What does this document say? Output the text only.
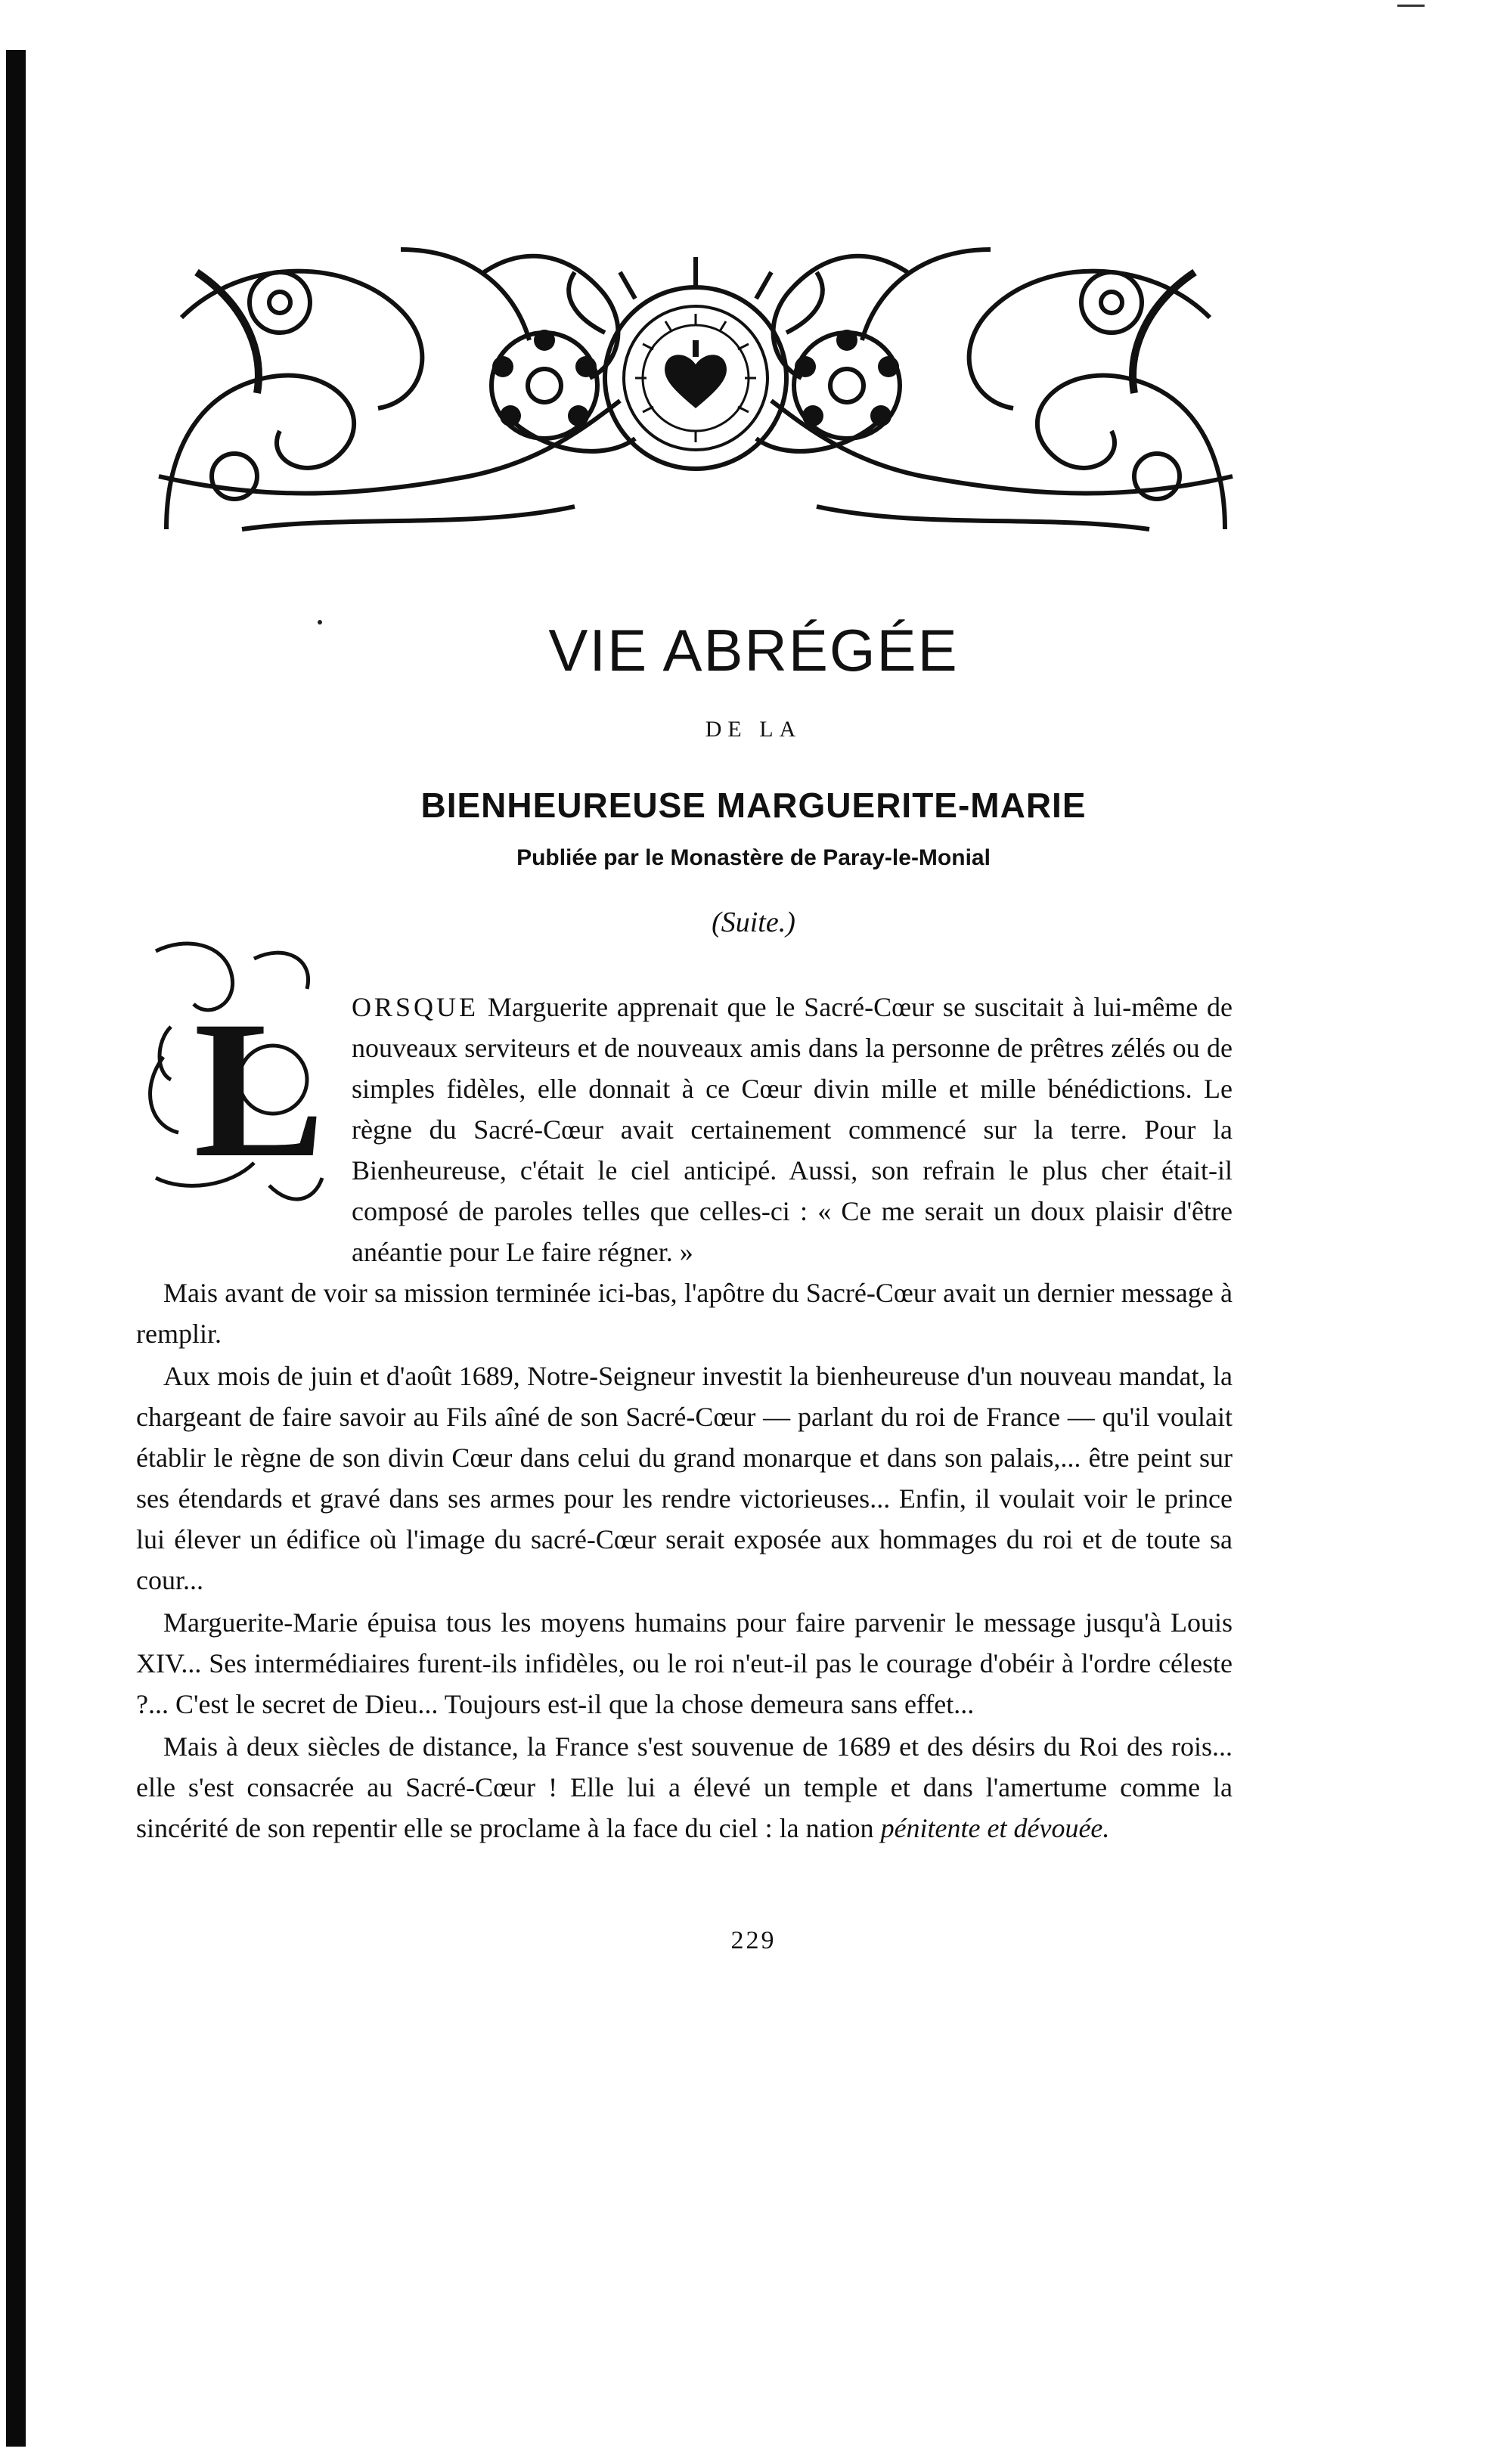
VIE ABRÉGÉE
DE LA
BIENHEUREUSE MARGUERITE-MARIE
Publiée par le Monastère de Paray-le-Monial
(Suite.)
L ORSQUE Marguerite apprenait que le Sacré-Cœur se suscitait à lui-même de nouveaux serviteurs et de nouveaux amis dans la personne de prêtres zélés ou de simples fidèles, elle donnait à ce Cœur divin mille et mille bénédictions. Le règne du Sacré-Cœur avait certainement commencé sur la terre. Pour la Bienheureuse, c'était le ciel anticipé. Aussi, son refrain le plus cher était-il composé de paroles telles que celles-ci : « Ce me serait un doux plaisir d'être anéantie pour Le faire régner. »

Mais avant de voir sa mission terminée ici-bas, l'apôtre du Sacré-Cœur avait un dernier message à remplir.

Aux mois de juin et d'août 1689, Notre-Seigneur investit la bienheureuse d'un nouveau mandat, la chargeant de faire savoir au Fils aîné de son Sacré-Cœur — parlant du roi de France — qu'il voulait établir le règne de son divin Cœur dans celui du grand monarque et dans son palais,... être peint sur ses étendards et gravé dans ses armes pour les rendre victorieuses... Enfin, il voulait voir le prince lui élever un édifice où l'image du sacré-Cœur serait exposée aux hommages du roi et de toute sa cour...

Marguerite-Marie épuisa tous les moyens humains pour faire parvenir le message jusqu'à Louis XIV... Ses intermédiaires furent-ils infidèles, ou le roi n'eut-il pas le courage d'obéir à l'ordre céleste ?... C'est le secret de Dieu... Toujours est-il que la chose demeura sans effet...

Mais à deux siècles de distance, la France s'est souvenue de 1689 et des désirs du Roi des rois... elle s'est consacrée au Sacré-Cœur ! Elle lui a élevé un temple et dans l'amertume comme la sincérité de son repentir elle se proclame à la face du ciel : la nation pénitente et dévouée.

229
